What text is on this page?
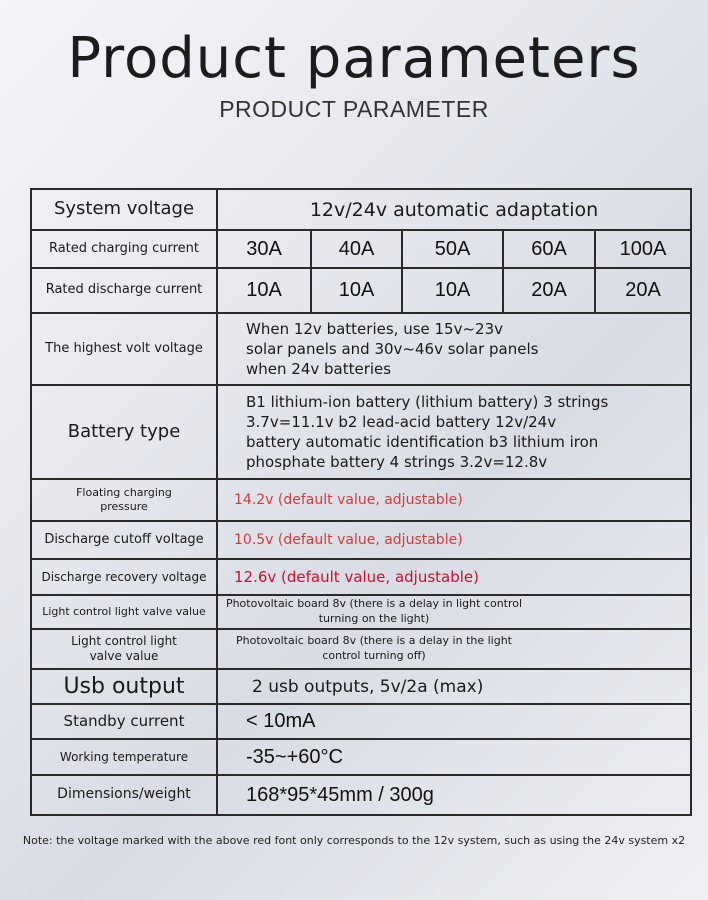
Product parameters
PRODUCT PARAMETER
System voltage	12v/24v automatic adaptation				
Rated charging current	30A	40A	50A	60A	100A
Rated discharge current	10A	10A	10A	20A	20A
The highest volt voltage	When 12v batteries, use 15v~23v solar panels and 30v~46v solar panels when 24v batteries				
Battery type	B1 lithium-ion battery (lithium battery) 3 strings 3.7v=11.1v b2 lead-acid battery 12v/24v battery automatic identification b3 lithium iron phosphate battery 4 strings 3.2v=12.8v				
Floating charging pressure	14.2v (default value, adjustable)				
Discharge cutoff voltage	10.5v (default value, adjustable)				
Discharge recovery voltage	12.6v (default value, adjustable)				
Light control light valve value	Photovoltaic board 8v (there is a delay in light control turning on the light)				
Light control light valve value	Photovoltaic board 8v (there is a delay in the light control turning off)				
Usb output	2 usb outputs, 5v/2a (max)				
Standby current	< 10mA				
Working temperature	-35~+60°C				
Dimensions/weight	168*95*45mm / 300g				
Note: the voltage marked with the above red font only corresponds to the 12v system, such as using the 24v system x2
